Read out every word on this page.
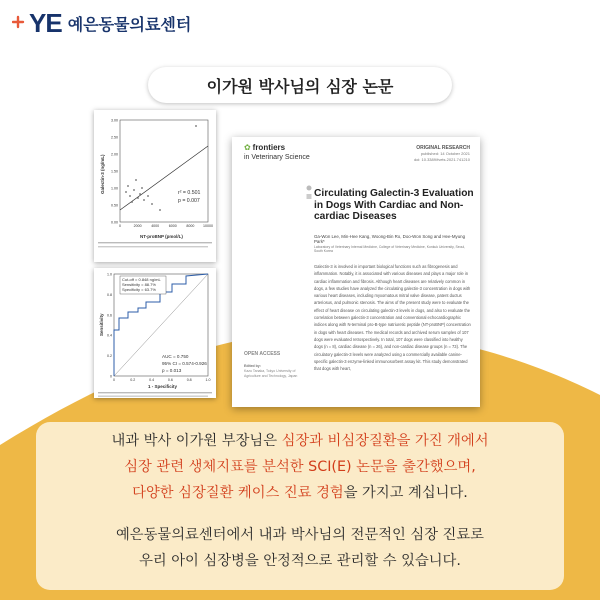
YE 예은동물의료센터
이가원 박사님의 심장 논문
3.00
2.50
2.00
1.50
1.00
0.50
0.00
0	2000	4000	6000	8000 10000
Galectin-3 (ng/mL)
NT-proBNP (pmol/L)
r² = 0.501
p = 0.007
Cut-off = 0.848 ng/mL
Sensitivity = 88.7%
Specificity = 63.7%
AUC = 0.750
95% CI = 0.574-0.926
p = 0.013
Sensitivity
1 - Specificity
0	0.2	0.4	0.6	0.8	1.0
1.0
0.8
0.6
0.4
0.2
0
✿ frontiers
in Veterinary Science
ORIGINAL RESEARCH
published: 14 October 2021
doi: 10.3389/fvets.2021.741210
Circulating Galectin-3 Evaluation in Dogs With Cardiac and Non-cardiac Diseases
Ga-Won Lee, Min-Hee Kang, Woong-Bin Ro, Doo-Won Song and Hee-Myung Park*
Laboratory of Veterinary Internal Medicine, College of Veterinary Medicine, Konkuk University, Seoul, South Korea
Galectin-3 is involved in important biological functions such as fibrogenesis and inflammation. Notably, it is associated with various diseases and plays a major role in cardiac inflammation and fibrosis. Although heart diseases are relatively common in dogs, a few studies have analyzed the circulating galectin-3 concentration in dogs with various heart diseases, including myxomatous mitral valve disease, patent ductus arteriosus, and pulmonic stenosis. The aims of the present study were to evaluate the effect of heart disease on circulating galectin-3 levels in dogs, and also to evaluate the correlation between galectin-3 concentration and conventional echocardiographic indices along with N-terminal pro-B-type natriuretic peptide (NT-proBNP) concentration in dogs with heart diseases. The medical records and archived serum samples of 107 dogs were evaluated retrospectively. In total, 107 dogs were classified into healthy dogs (n = 8), cardiac disease (n = 26), and non-cardiac disease groups (n = 73). The circulatory galectin-3 levels were analyzed using a commercially available canine-specific galectin-3 enzyme-linked immunosorbent assay kit. This study demonstrated that dogs with heart,
OPEN ACCESS
Edited by:
Kazu Tanaka, Tokyo University of Agriculture and Technology, Japan
내과 박사 이가원 부장님은 심장과 비심장질환을 가진 개에서
심장 관련 생체지표를 분석한 SCI(E) 논문을 출간했으며,
다양한 심장질환 케이스 진료 경험을 가지고 계십니다.
예은동물의료센터에서 내과 박사님의 전문적인 심장 진료로
우리 아이 심장병을 안정적으로 관리할 수 있습니다.
